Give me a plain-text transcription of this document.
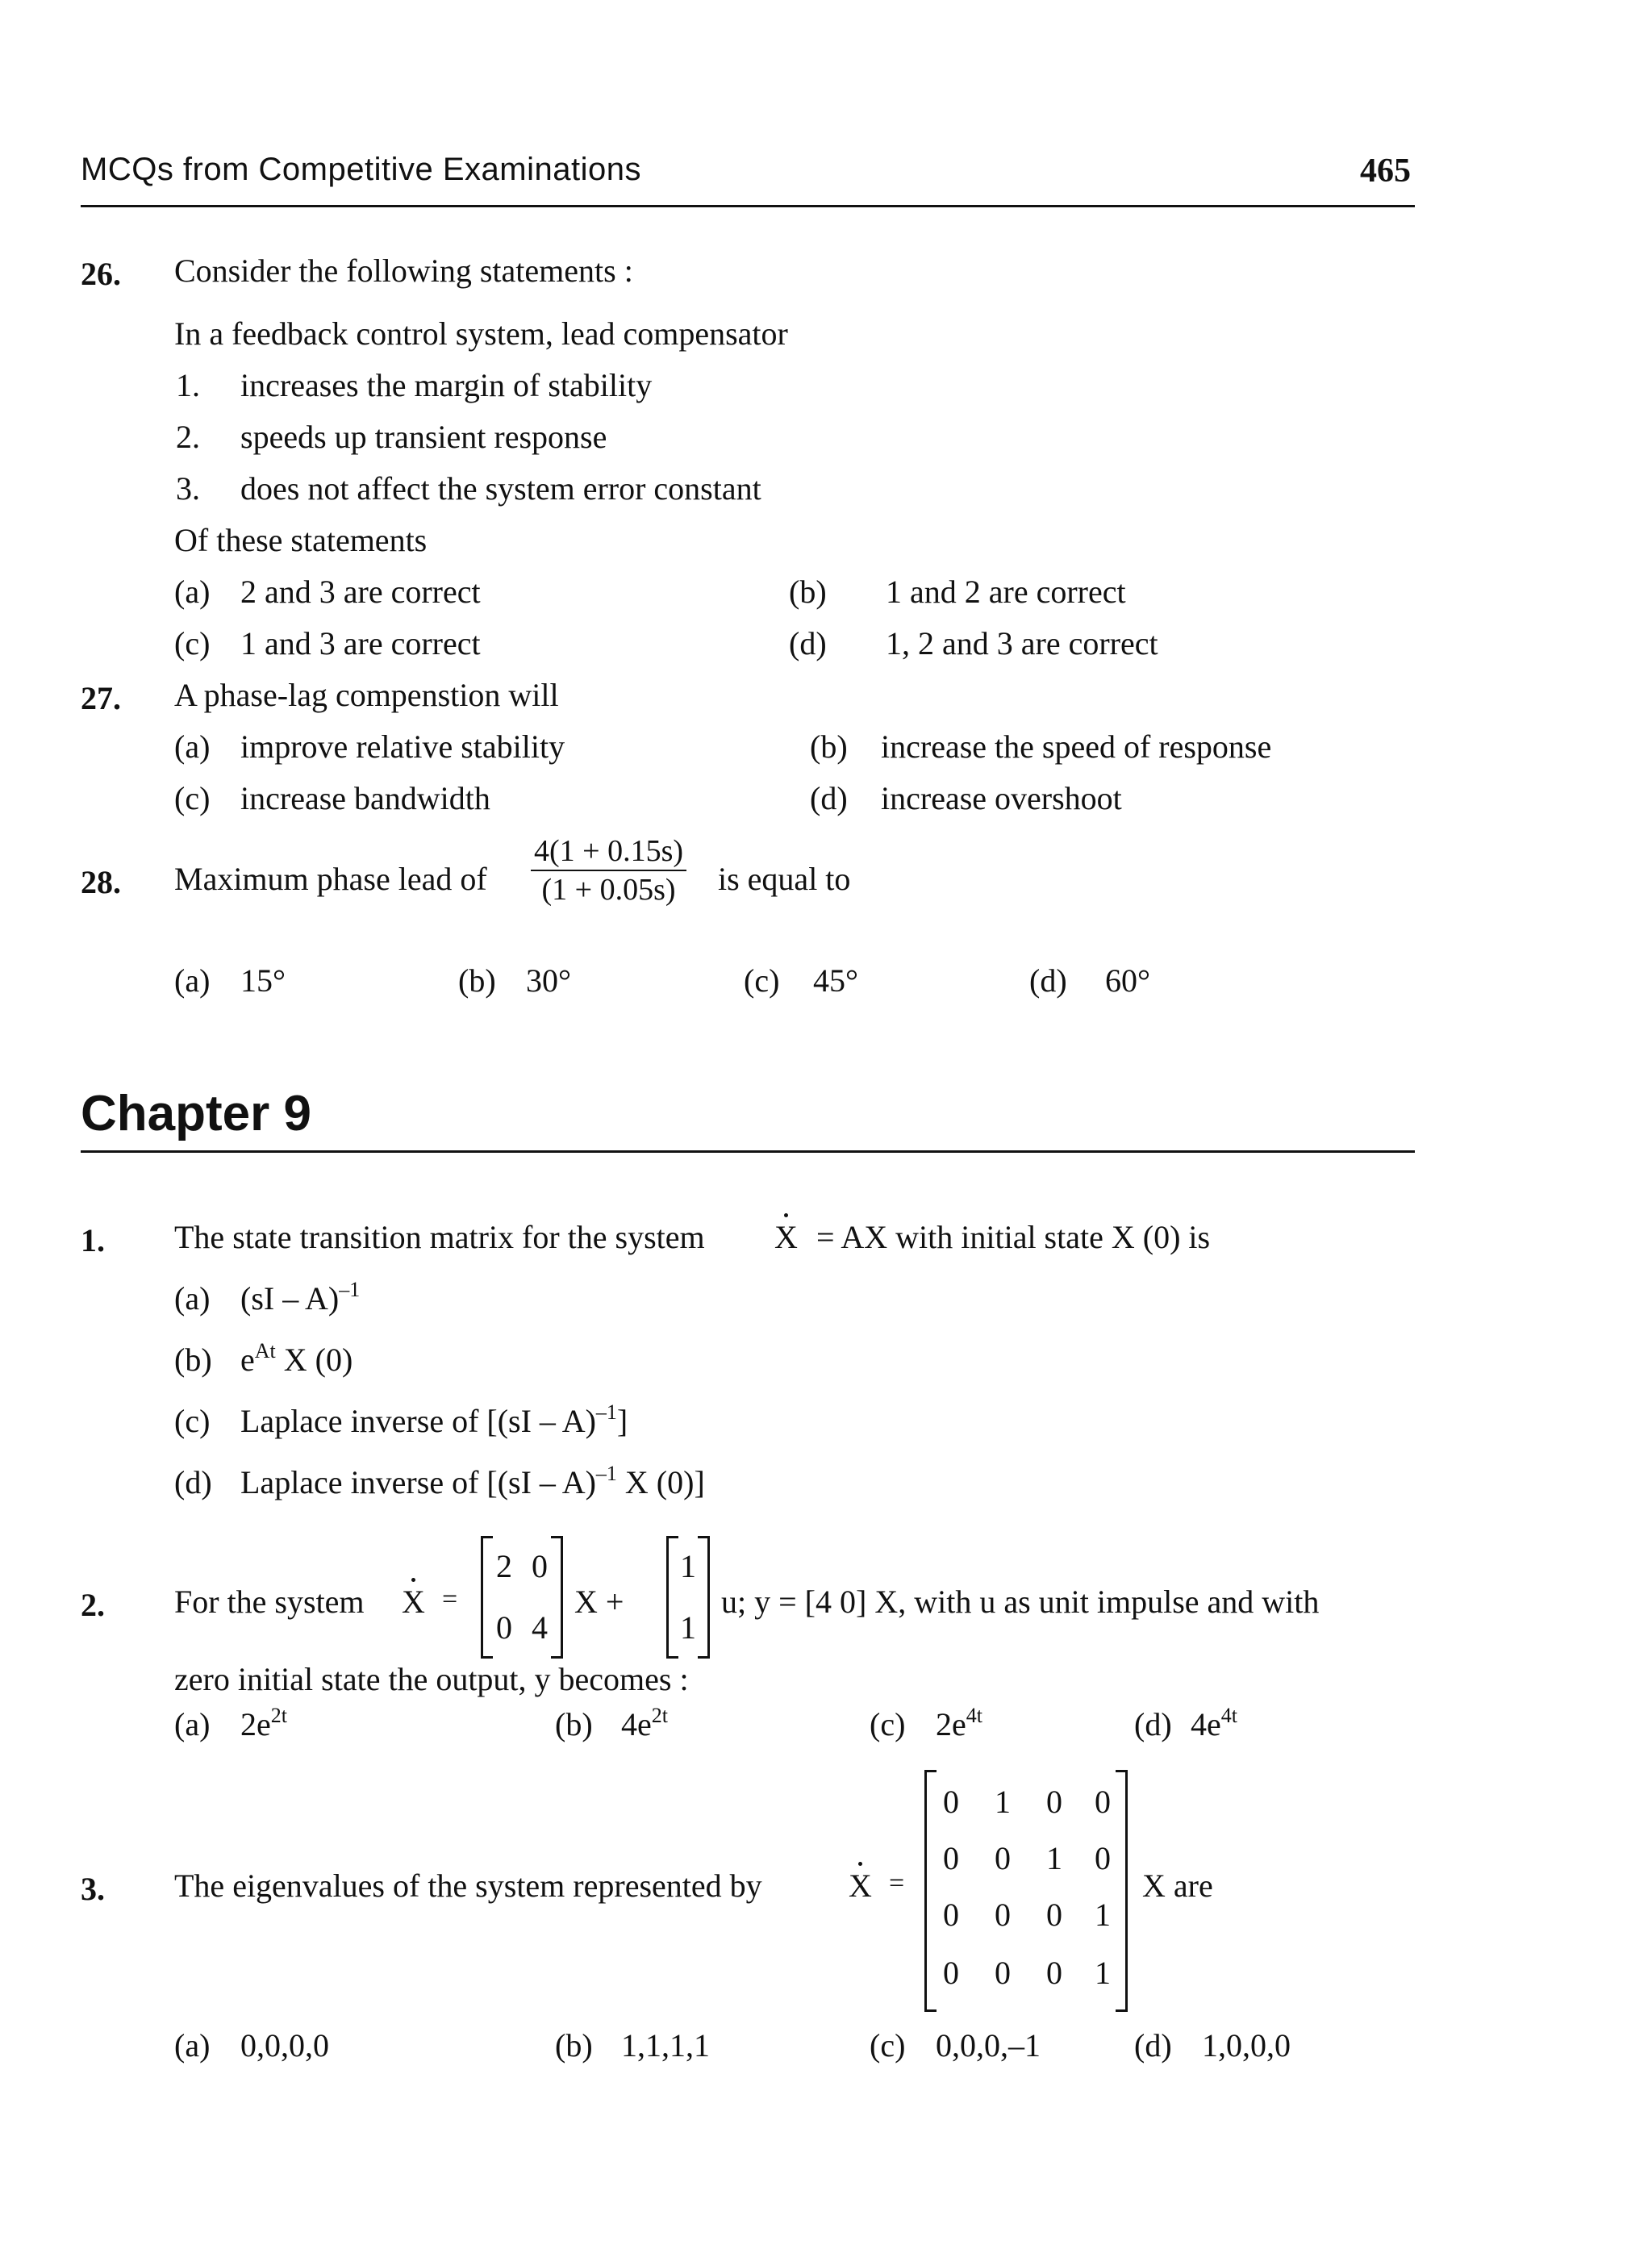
MCQs from Competitive Examinations	465
26. Consider the following statements :
In a feedback control system, lead compensator
1. increases the margin of stability
2. speeds up transient response
3. does not affect the system error constant
Of these statements
(a) 2 and 3 are correct	(b) 1 and 2 are correct
(c) 1 and 3 are correct	(d) 1, 2 and 3 are correct
27. A phase-lag compenstion will
(a) improve relative stability	(b) increase the speed of response
(c) increase bandwidth	(d) increase overshoot
28. Maximum phase lead of $\frac{4(1 + 0.15s)}{(1 + 0.05s)}$ is equal to
(a) 15°	(b) 30°	(c) 45°	(d) 60°
Chapter 9
1. The state transition matrix for the system X = AX with initial state X (0) is
(a) (sI – A)$^{-1}$
(b) $e^{At}$ X (0)
(c) Laplace inverse of [(sI – A)$^{-1}$]
(d) Laplace inverse of [(sI – A)$^{-1}$ X (0)]
2. For the system X =
2 0
0 4
X +
1
1
u; y = [4 0] X, with u as unit impulse and with
zero initial state the output, y becomes :
(a) $2e^{2t}$	(b) $4e^{2t}$	(c) $2e^{4t}$	(d) $4e^{4t}$
3. The eigenvalues of the system represented by	X =
0 1 0 0
0 0 1 0
0 0 0 1
0 0 0 1
X are
(a) 0,0,0,0	(b) 1,1,1,1	(c) 0,0,0,–1	(d) 1,0,0,0
